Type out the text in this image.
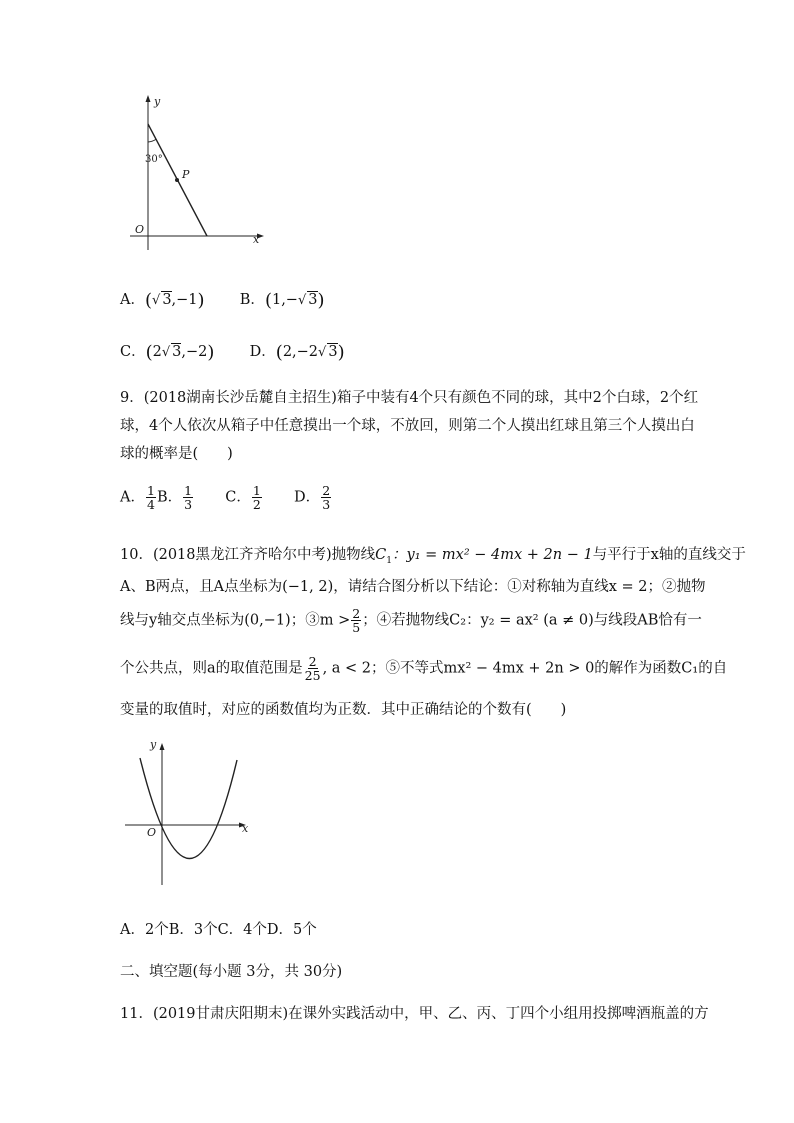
y
30°
P
O
x
A．(√ 3,−1) B．(1,−√ 3)
C．(2√ 3,−2) D．(2,−2√ 3)
9．(2018湖南长沙岳麓自主招生)箱子中装有4个只有颜色不同的球，其中2个白球，2个红
球，4个人依次从箱子中任意摸出一个球，不放回，则第二个人摸出红球且第三个人摸出白
球的概率是(　　)
A． $\frac{1}{4}$ B． $\frac{1}{3}$ C． $\frac{1}{2}$ D． $\frac{2}{3}$
10．(2018黑龙江齐齐哈尔中考)抛物线$C_1$：y₁ = mx² − 4mx + 2n − 1与平行于x轴的直线交于
A、B两点，且A点坐标为(−1, 2)，请结合图分析以下结论：①对称轴为直线x = 2；②抛物
线与y轴交点坐标为(0,−1)；③m > $\frac{2}{5}$ ；④若抛物线C₂：y₂ = ax² (a ≠ 0)与线段AB恰有一
个公共点，则a的取值范围是 $\frac{2}{25}$ , a < 2；⑤不等式mx² − 4mx + 2n > 0的解作为函数C₁的自
变量的取值时，对应的函数值均为正数．其中正确结论的个数有(　　)
y
O	x
A．2个B．3个C．4个D．5个
二、填空题(每小题 3分，共 30分)
11．(2019甘肃庆阳期末)在课外实践活动中，甲、乙、丙、丁四个小组用投掷啤酒瓶盖的方
